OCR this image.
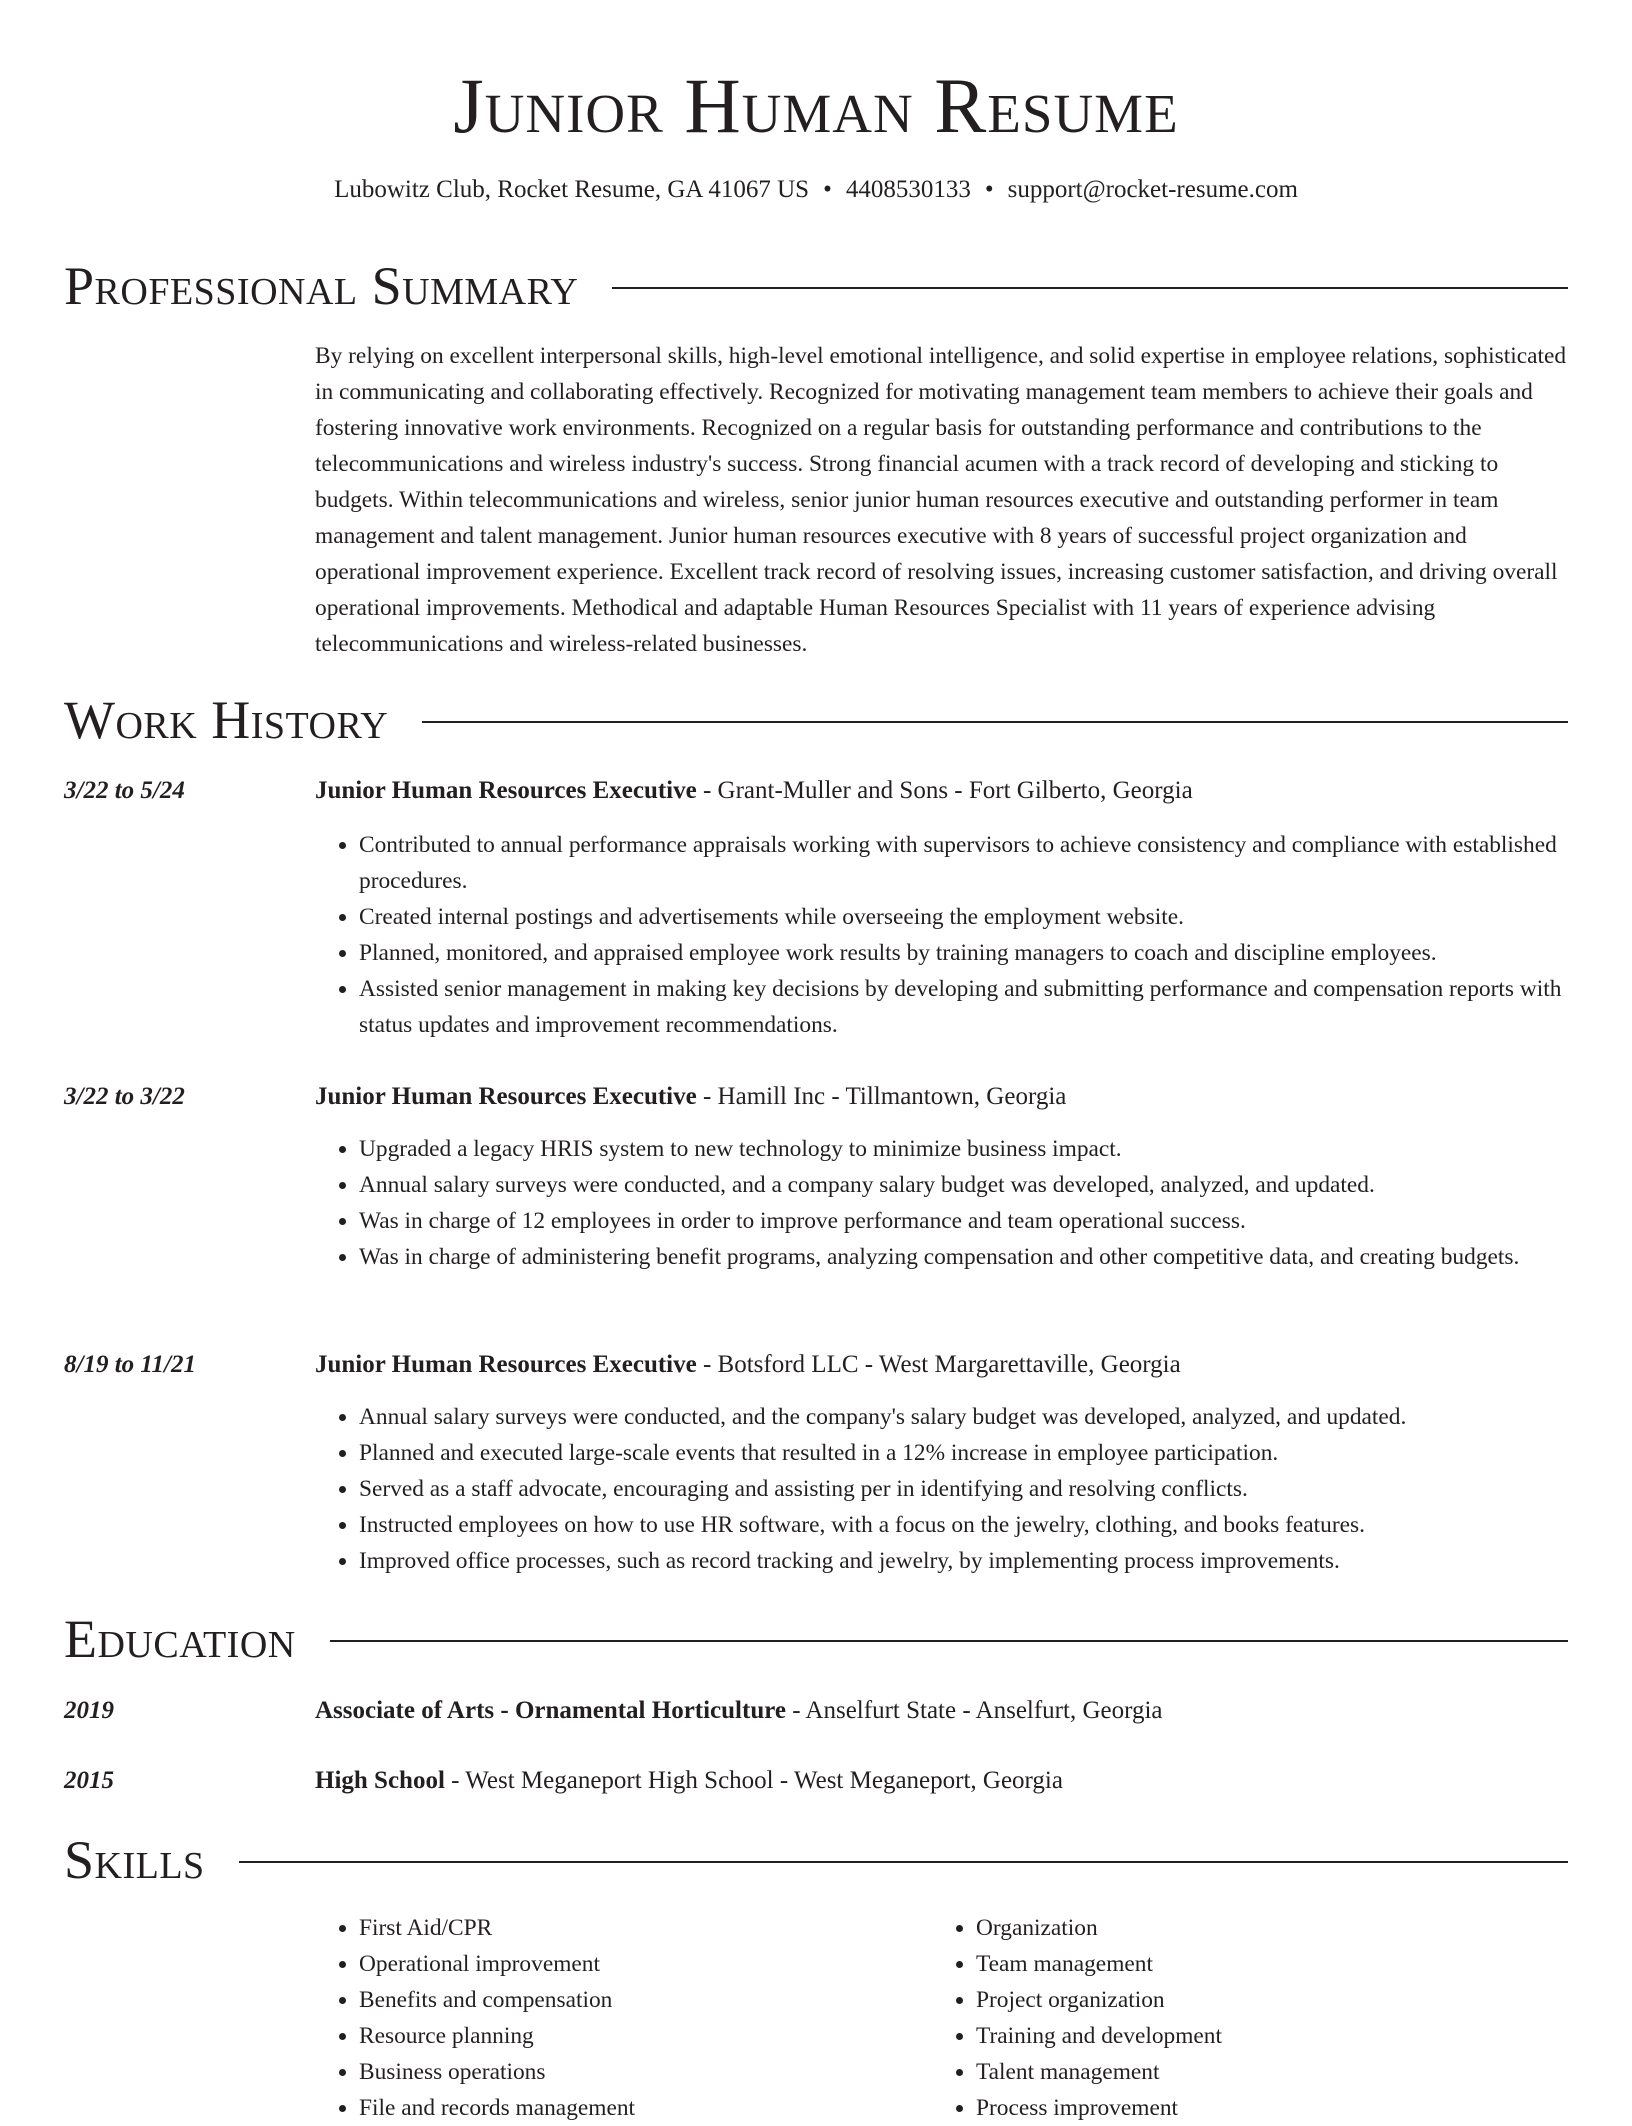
Junior Human Resume
Lubowitz Club, Rocket Resume, GA 41067 US • 4408530133 • support@rocket-resume.com
Professional Summary

By relying on excellent interpersonal skills, high-level emotional intelligence, and solid expertise in employee relations, sophisticated in communicating and collaborating effectively. Recognized for motivating management team members to achieve their goals and fostering innovative work environments. Recognized on a regular basis for outstanding performance and contributions to the telecommunications and wireless industry's success. Strong financial acumen with a track record of developing and sticking to budgets. Within telecommunications and wireless, senior junior human resources executive and outstanding performer in team management and talent management. Junior human resources executive with 8 years of successful project organization and operational improvement experience. Excellent track record of resolving issues, increasing customer satisfaction, and driving overall operational improvements. Methodical and adaptable Human Resources Specialist with 11 years of experience advising telecommunications and wireless-related businesses.

Work History
3/22 to 5/24	Junior Human Resources Executive - Grant-Muller and Sons - Fort Gilberto, Georgia
• Contributed to annual performance appraisals working with supervisors to achieve consistency and compliance with established procedures.
• Created internal postings and advertisements while overseeing the employment website.
• Planned, monitored, and appraised employee work results by training managers to coach and discipline employees.
• Assisted senior management in making key decisions by developing and submitting performance and compensation reports with status updates and improvement recommendations.
3/22 to 3/22	Junior Human Resources Executive - Hamill Inc - Tillmantown, Georgia
• Upgraded a legacy HRIS system to new technology to minimize business impact.
• Annual salary surveys were conducted, and a company salary budget was developed, analyzed, and updated.
• Was in charge of 12 employees in order to improve performance and team operational success.
• Was in charge of administering benefit programs, analyzing compensation and other competitive data, and creating budgets.
8/19 to 11/21	Junior Human Resources Executive - Botsford LLC - West Margarettaville, Georgia
• Annual salary surveys were conducted, and the company's salary budget was developed, analyzed, and updated.
• Planned and executed large-scale events that resulted in a 12% increase in employee participation.
• Served as a staff advocate, encouraging and assisting per in identifying and resolving conflicts.
• Instructed employees on how to use HR software, with a focus on the jewelry, clothing, and books features.
• Improved office processes, such as record tracking and jewelry, by implementing process improvements.
Education
2019	Associate of Arts - Ornamental Horticulture - Anselfurt State - Anselfurt, Georgia
2015	High School - West Meganeport High School - West Meganeport, Georgia
Skills
• First Aid/CPR
• Operational improvement
• Benefits and compensation
• Resource planning
• Business operations
• File and records management
• Organization
• Team management
• Project organization
• Training and development
• Talent management
• Process improvement
